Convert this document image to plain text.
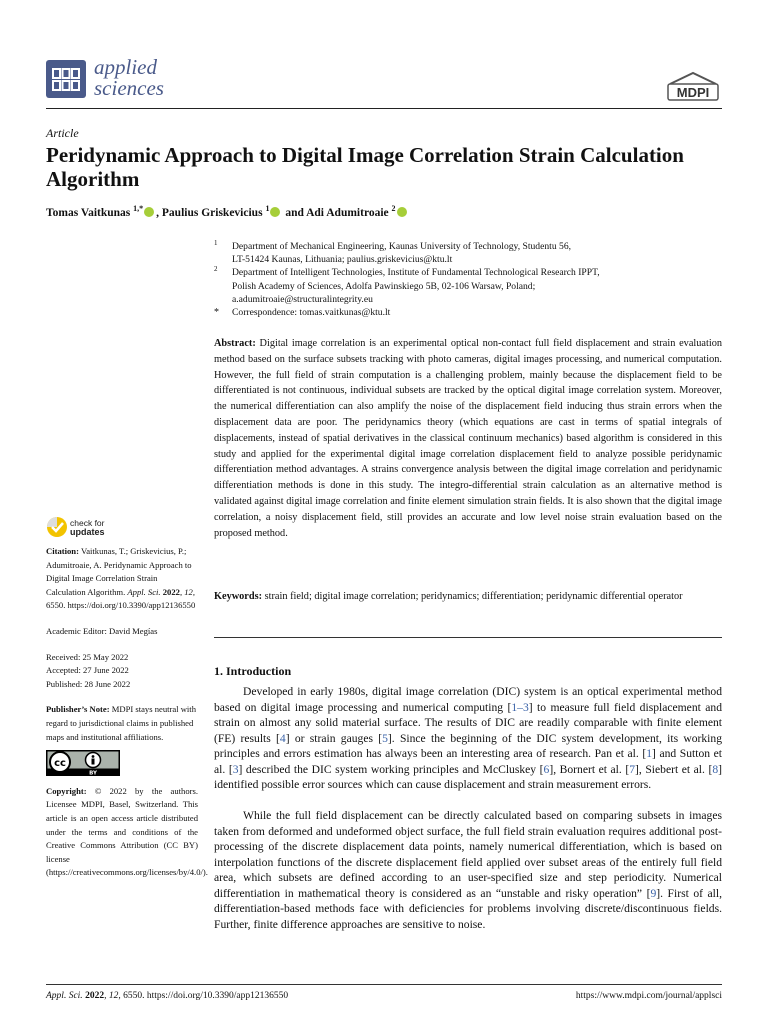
applied
sciences	MDPI
Article
Peridynamic Approach to Digital Image Correlation Strain Calculation Algorithm
Tomas Vaitkunas $^{1,*}$ , Paulius Griskevicius $^1$ and Adi Adumitroaie $^2$
1 Department of Mechanical Engineering, Kaunas University of Technology, Studentu 56,
LT-51424 Kaunas, Lithuania; paulius.griskevicius@ktu.lt
2 Department of Intelligent Technologies, Institute of Fundamental Technological Research IPPT,
Polish Academy of Sciences, Adolfa Pawinskiego 5B, 02-106 Warsaw, Poland;
a.adumitroaie@structuralintegrity.eu
* Correspondence: tomas.vaitkunas@ktu.lt

Abstract: Digital image correlation is an experimental optical non-contact full field displacement and strain evaluation method based on the surface subsets tracking with photo cameras, digital images processing, and numerical computation. However, the full field of strain computation is a challenging problem, mainly because the displacement field to be differentiated is not continuous, individual subsets are tracked by the optical digital image correlation system. Moreover, the numerical differentiation can also amplify the noise of the displacement field inducing thus strain errors when the displacement data are poor. The peridynamics theory (which equations are cast in terms of spatial integrals of displacements, instead of spatial derivatives in the classical continuum mechanics) based algorithm is considered in this study and applied for the experimental digital image correlation displacement field to analyze possible peridynamic differentiation method advantages. A strains convergence analysis between the digital image correlation and peridynamic differentiation methods is done in this study. The integro-differential strain calculation as an alternative method is validated against digital image correlation and finite element simulation strain fields. It is also shown that the digital image correlation, a noisy displacement field, still provides an accurate and low level noise strain evaluation based on the proposed method.

Keywords: strain field; digital image correlation; peridynamics; differentiation; peridynamic differential operator

check for
updates

Citation: Vaitkunas, T.; Griskevicius, P.; Adumitroaie, A. Peridynamic Approach to Digital Image Correlation Strain Calculation Algorithm. Appl. Sci. 2022, 12, 6550. https://doi.org/10.3390/app12136550

Academic Editor: David Megías

Received: 25 May 2022

Accepted: 27 June 2022

Published: 28 June 2022

Publisher’s Note: MDPI stays neutral with regard to jurisdictional claims in published maps and institutional affiliations.

cc
BY

Copyright: © 2022 by the authors. Licensee MDPI, Basel, Switzerland. This article is an open access article distributed under the terms and conditions of the Creative Commons Attribution (CC BY) license (https://creativecommons.org/licenses/by/4.0/).

1. Introduction

Developed in early 1980s, digital image correlation (DIC) system is an optical experimental method based on digital image processing and numerical computing [1–3] to measure full field displacement and strain on almost any solid material surface. The results of DIC are readily comparable with finite element (FE) results [4] or strain gauges [5]. Since the beginning of the DIC system development, its working principles and errors estimation has always been an interesting area of research. Pan et al. [1] and Sutton et al. [3] described the DIC system working principles and McCluskey [6], Bornert et al. [7], Siebert et al. [8] identified possible error sources which can cause displacement and strain measurement errors.

While the full field displacement can be directly calculated based on comparing subsets in images taken from deformed and undeformed object surface, the full field strain evaluation requires additional post-processing of the discrete displacement data points, namely numerical differentiation, which is based on interpolation functions of the discrete displacement field applied over subset areas of the entirely full field area, which subsets are defined according to an user-specified size and step periodicity. Numerical differentiation in mathematical theory is considered as an “unstable and risky operation” [9]. First of all, differentiation-based methods face with deficiencies for problems involving discrete/discontinuous fields. Further, finite difference approaches are sensitive to noise.

Appl. Sci. 2022, 12, 6550. https://doi.org/10.3390/app12136550	https://www.mdpi.com/journal/applsci
